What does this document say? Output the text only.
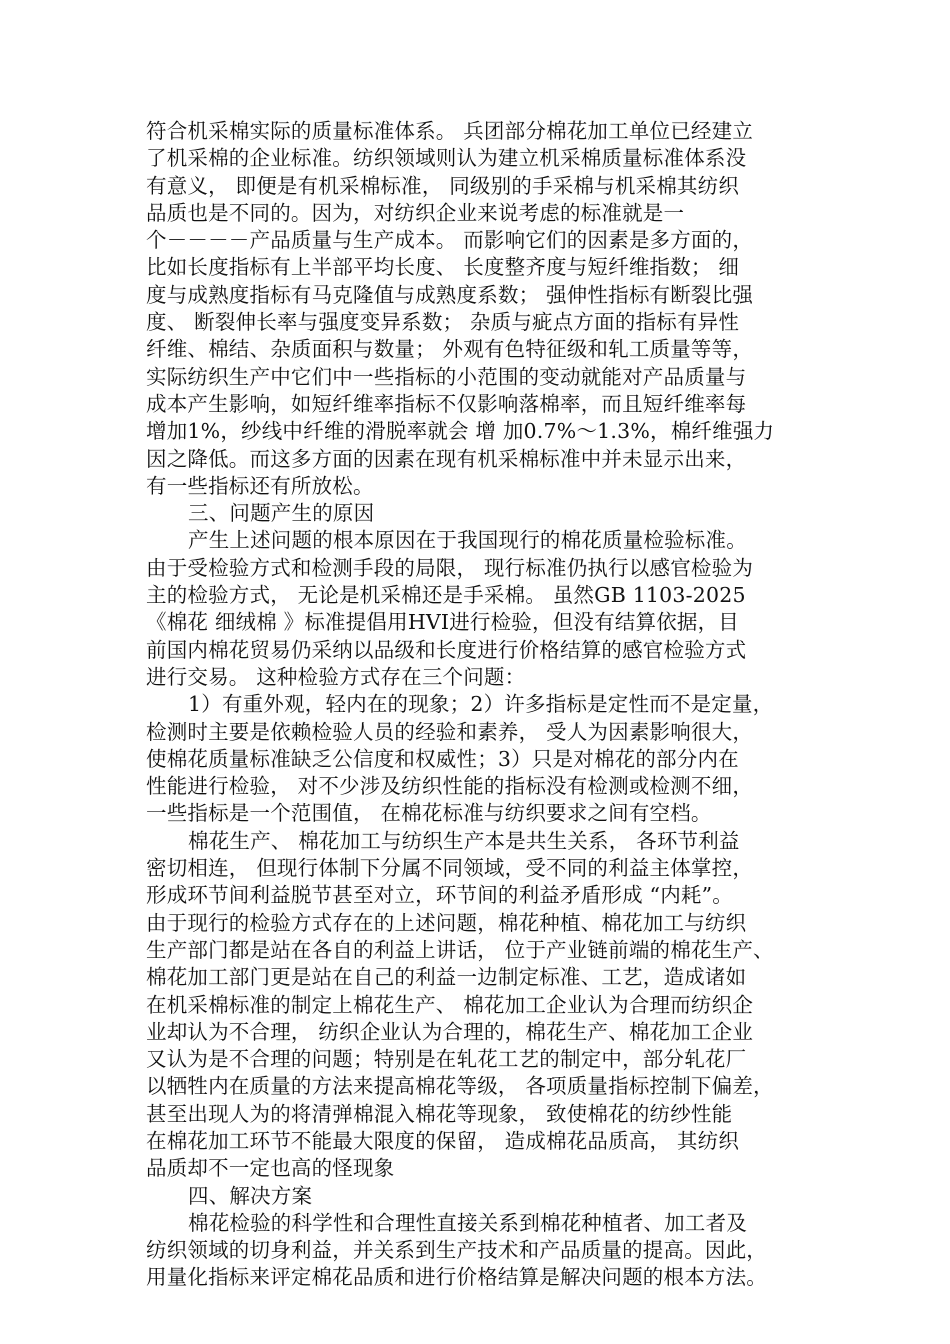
符合机采棉实际的质量标准体系。 兵团部分棉花加工单位已经建立
了机采棉的企业标准。纺织领域则认为建立机采棉质量标准体系没
有意义， 即便是有机采棉标准， 同级别的手采棉与机采棉其纺织
品质也是不同的。因为，对纺织企业来说考虑的标准就是一
个－－－－产品质量与生产成本。 而影响它们的因素是多方面的，
比如长度指标有上半部平均长度、 长度整齐度与短纤维指数； 细
度与成熟度指标有马克隆值与成熟度系数； 强伸性指标有断裂比强
度、 断裂伸长率与强度变异系数； 杂质与疵点方面的指标有异性
纤维、棉结、杂质面积与数量； 外观有色特征级和轧工质量等等，
实际纺织生产中它们中一些指标的小范围的变动就能对产品质量与
成本产生影响，如短纤维率指标不仅影响落棉率，而且短纤维率每
增加1%，纱线中纤维的滑脱率就会 增 加0.7%～1.3%，棉纤维强力
因之降低。而这多方面的因素在现有机采棉标准中并未显示出来，
有一些指标还有所放松。
三、问题产生的原因
产生上述问题的根本原因在于我国现行的棉花质量检验标准。
由于受检验方式和检测手段的局限， 现行标准仍执行以感官检验为
主的检验方式， 无论是机采棉还是手采棉。 虽然GB 1103-2025
《棉花 细绒棉 》标准提倡用HVI进行检验，但没有结算依据，目
前国内棉花贸易仍采纳以品级和长度进行价格结算的感官检验方式
进行交易。 这种检验方式存在三个问题：
1）有重外观，轻内在的现象；2）许多指标是定性而不是定量，
检测时主要是依赖检验人员的经验和素养， 受人为因素影响很大，
使棉花质量标准缺乏公信度和权威性；3）只是对棉花的部分内在
性能进行检验， 对不少涉及纺织性能的指标没有检测或检测不细，
一些指标是一个范围值， 在棉花标准与纺织要求之间有空档。
棉花生产、 棉花加工与纺织生产本是共生关系， 各环节利益
密切相连， 但现行体制下分属不同领域，受不同的利益主体掌控，
形成环节间利益脱节甚至对立，环节间的利益矛盾形成 “内耗”。
由于现行的检验方式存在的上述问题，棉花种植、棉花加工与纺织
生产部门都是站在各自的利益上讲话， 位于产业链前端的棉花生产、
棉花加工部门更是站在自己的利益一边制定标准、工艺，造成诸如
在机采棉标准的制定上棉花生产、 棉花加工企业认为合理而纺织企
业却认为不合理， 纺织企业认为合理的，棉花生产、棉花加工企业
又认为是不合理的问题；特别是在轧花工艺的制定中，部分轧花厂
以牺牲内在质量的方法来提高棉花等级， 各项质量指标控制下偏差，
甚至出现人为的将清弹棉混入棉花等现象， 致使棉花的纺纱性能
在棉花加工环节不能最大限度的保留， 造成棉花品质高， 其纺织
品质却不一定也高的怪现象
四、解决方案
棉花检验的科学性和合理性直接关系到棉花种植者、加工者及
纺织领域的切身利益，并关系到生产技术和产品质量的提高。因此，
用量化指标来评定棉花品质和进行价格结算是解决问题的根本方法。
